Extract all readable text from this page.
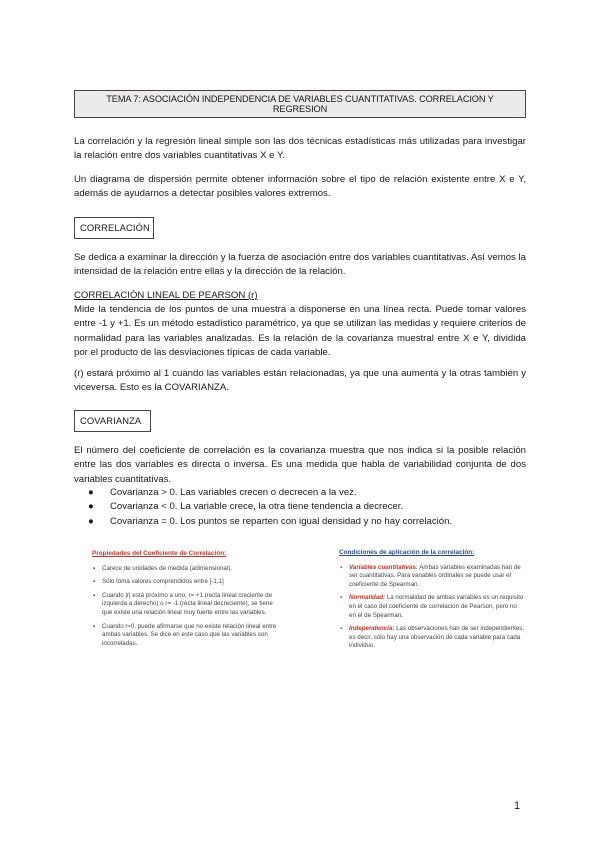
TEMA 7: ASOCIACIÓN INDEPENDENCIA DE VARIABLES CUANTITATIVAS. CORRELACION Y
REGRESION
La correlación y la regresión lineal simple son las dos técnicas estadísticas más utilizadas para investigar la relación entre dos variables cuantitativas X e Y.
Un diagrama de dispersión permite obtener información sobre el tipo de relación existente entre X e Y, además de ayudarnos a detectar posibles valores extremos.
CORRELACIÓN
Se dedica a examinar la dirección y la fuerza de asociación entre dos variables cuantitativas. Así vemos la intensidad de la relación entre ellas y la dirección de la relación.
CORRELACIÓN LINEAL DE PEARSON (r)
Mide la tendencia de los puntos de una muestra a disponerse en una línea recta. Puede tomar valores entre -1 y +1. Es un método estadístico paramétrico, ya que se utilizan las medidas y requiere criterios de normalidad para las variables analizadas. Es la relación de la covarianza muestral entre X e Y, dividida por el producto de las desviaciones típicas de cada variable.
(r) estará próximo al 1 cuando las variables están relacionadas, ya que una aumenta y la otras también y viceversa. Esto es la COVARIANZA.
COVARIANZA
El número del coeficiente de correlación es la covarianza muestra que nos indica si la posible relación entre las dos variables es directa o inversa. Es una medida que habla de variabilidad conjunta de dos variables cuantitativas.
● Covarianza > 0. Las variables crecen o decrecen a la vez.
● Covarianza < 0. La variable crece, la otra tiene tendencia a decrecer.
● Covarianza = 0. Los puntos se reparten con igual densidad y no hay correlación.
Propiedades del Coeficiente de Correlación:
▪ Carece de unidades de medida (adimensional).
▪ Sólo toma valores comprendidos entre [-1,1]
▪ Cuando |r| está próximo a uno, r= +1 (recta lineal creciente de izquierda a derecho) o r= -1 (recta lineal decreciente), se tiene que existe una relación lineal muy fuerte entre las variables.
▪ Cuando r≈0, puede afirmarse que no existe relación lineal entre ambas variables. Se dice en este caso que las variables son incorreladas.
Condiciones de aplicación de la correlación:
▪ Variables cuantitativas: Ambas variables examinadas han de ser cuantitativas. Para variables ordinales se puede usar el coeficiente de Spearman.
▪ Normalidad: La normalidad de ambas variables es un requisito en el caso del coeficiente de correlación de Pearson, pero no en el de Spearman.
▪ Independencia: Las observaciones han de ser independientes, es decir, sólo hay una observación de cada variable para cada individuo.
1
